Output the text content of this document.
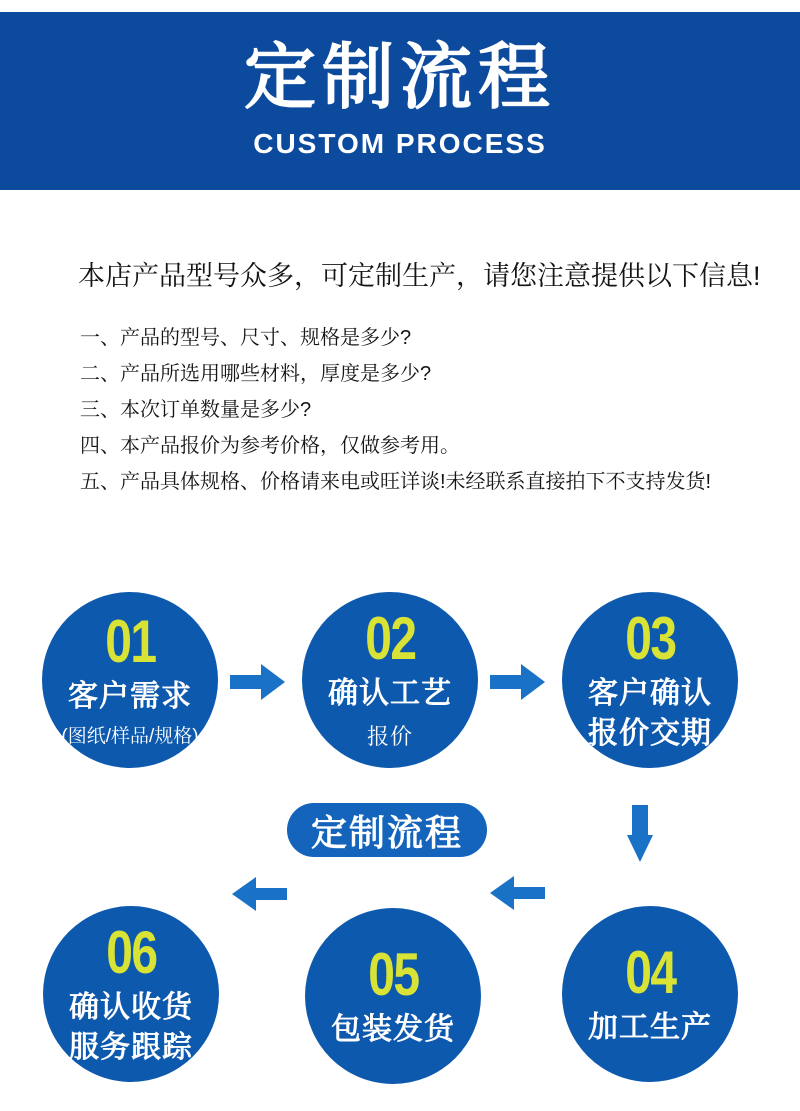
定制流程
CUSTOM PROCESS
本店产品型号众多，可定制生产，请您注意提供以下信息!
一、产品的型号、尺寸、规格是多少?
二、产品所选用哪些材料，厚度是多少?
三、本次订单数量是多少?
四、本产品报价为参考价格，仅做参考用。
五、产品具体规格、价格请来电或旺详谈!未经联系直接拍下不支持发货!
01
客户需求
(图纸/样品/规格)
02
确认工艺
报价
03
客户确认
报价交期
06
确认收货
服务跟踪
05
包装发货
04
加工生产
定制流程
